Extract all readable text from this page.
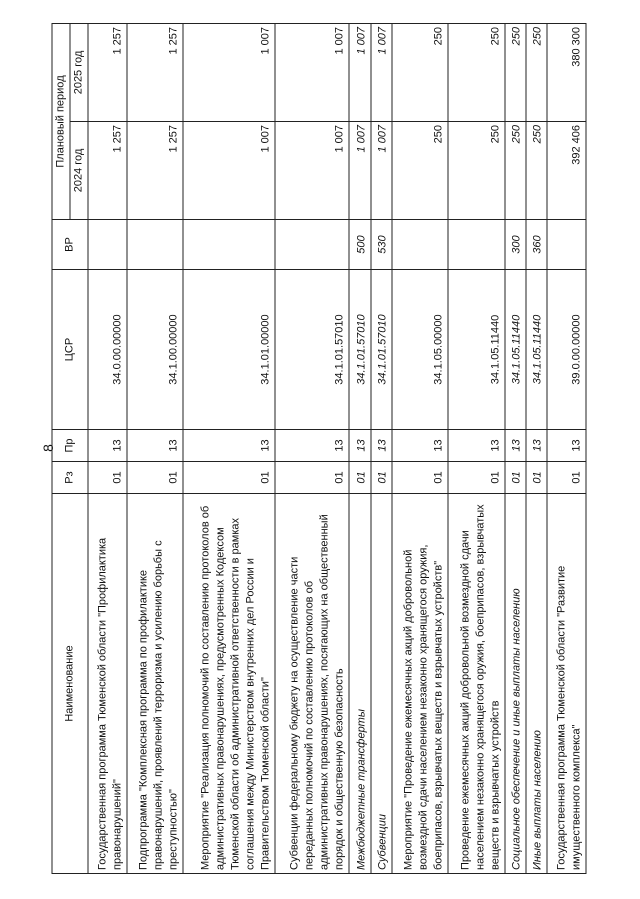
8
Наименование	Рз	Пр	ЦСР	ВР	Плановый период	
					2024 год	2025 год
Государственная программа Тюменской области "Профилактика правонарушений"	01	13	34.0.00.00000		1 257	1 257
Подпрограмма "Комплексная программа по профилактике правонарушений, проявлений терроризма и усилению борьбы с преступностью"	01	13	34.1.00.00000		1 257	1 257
Мероприятие "Реализация полномочий по составлению протоколов об административных правонарушениях, предусмотренных Кодексом Тюменской области об административной ответственности в рамках соглашения между Министерством внутренних дел России и Правительством Тюменской области"	01	13	34.1.01.00000		1 007	1 007
Субвенции федеральному бюджету на осуществление части переданных полномочий по составлению протоколов об административных правонарушениях, посягающих на общественный порядок и общественную безопасность	01	13	34.1.01.57010		1 007	1 007
Межбюджетные трансферты	01	13	34.1.01.57010	500	1 007	1 007
Субвенции	01	13	34.1.01.57010	530	1 007	1 007
Мероприятие "Проведение ежемесячных акций добровольной возмездной сдачи населением незаконно хранящегося оружия, боеприпасов, взрывчатых веществ и взрывчатых устройств"	01	13	34.1.05.00000		250	250
Проведение ежемесячных акций добровольной возмездной сдачи населением незаконно хранящегося оружия, боеприпасов, взрывчатых веществ и взрывчатых устройств	01	13	34.1.05.11440		250	250
Социальное обеспечение и иные выплаты населению	01	13	34.1.05.11440	300	250	250
Иные выплаты населению	01	13	34.1.05.11440	360	250	250
Государственная программа Тюменской области "Развитие имущественного комплекса"	01	13	39.0.00.00000		392 406	380 300
